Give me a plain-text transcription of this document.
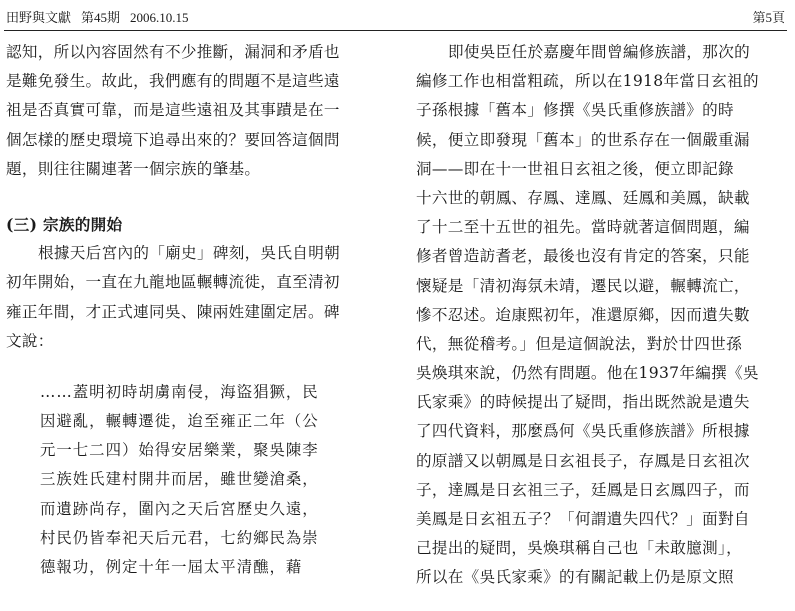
田野與文獻 第45期 2006.10.15	第5頁
認知，所以內容固然有不少推斷，漏洞和矛盾也
是難免發生。故此，我們應有的問題不是這些遠
祖是否真實可靠，而是這些遠祖及其事蹟是在一
個怎樣的歷史環境下追尋出來的？要回答這個問
題，則往往關連著一個宗族的肇基。
(三) 宗族的開始
根據天后宮內的「廟史」碑刻，吳氏自明朝
初年開始，一直在九龍地區輾轉流徙，直至清初
雍正年間，才正式連同吳、陳兩姓建圍定居。碑
文說：
……蓋明初時胡虜南侵，海盜猖獗，民
因避亂，輾轉遷徙，迨至雍正二年（公
元一七二四）始得安居樂業，聚吳陳李
三族姓氏建村開井而居，雖世變滄桑，
而遺跡尚存，圍內之天后宮歷史久遠，
村民仍皆奉祀天后元君，七約鄉民為崇
德報功，例定十年一屆太平清醮，藉
即使吳臣任於嘉慶年間曾編修族譜，那次的
編修工作也相當粗疏，所以在1918年當日玄祖的
子孫根據「舊本」修撰《吳氏重修族譜》的時
候，便立即發現「舊本」的世系存在一個嚴重漏
洞——即在十一世祖日玄祖之後，便立即記錄
十六世的朝鳳、存鳳、達鳳、廷鳳和美鳳，缺載
了十二至十五世的祖先。當時就著這個問題，編
修者曾造訪耆老，最後也沒有肯定的答案，只能
懷疑是「清初海氛未靖，遷民以避，輾轉流亡，
慘不忍述。迨康熙初年，准還原鄉，因而遺失數
代，無從稽考。」但是這個說法，對於廿四世孫
吳煥琪來說，仍然有問題。他在1937年編撰《吳
氏家乘》的時候提出了疑問，指出既然說是遺失
了四代資料，那麼爲何《吳氏重修族譜》所根據
的原譜又以朝鳳是日玄祖長子，存鳳是日玄祖次
子，達鳳是日玄祖三子，廷鳳是日玄鳳四子，而
美鳳是日玄祖五子？「何謂遺失四代？」面對自
己提出的疑問，吳煥琪稱自己也「未敢臆測」，
所以在《吳氏家乘》的有關記載上仍是原文照
